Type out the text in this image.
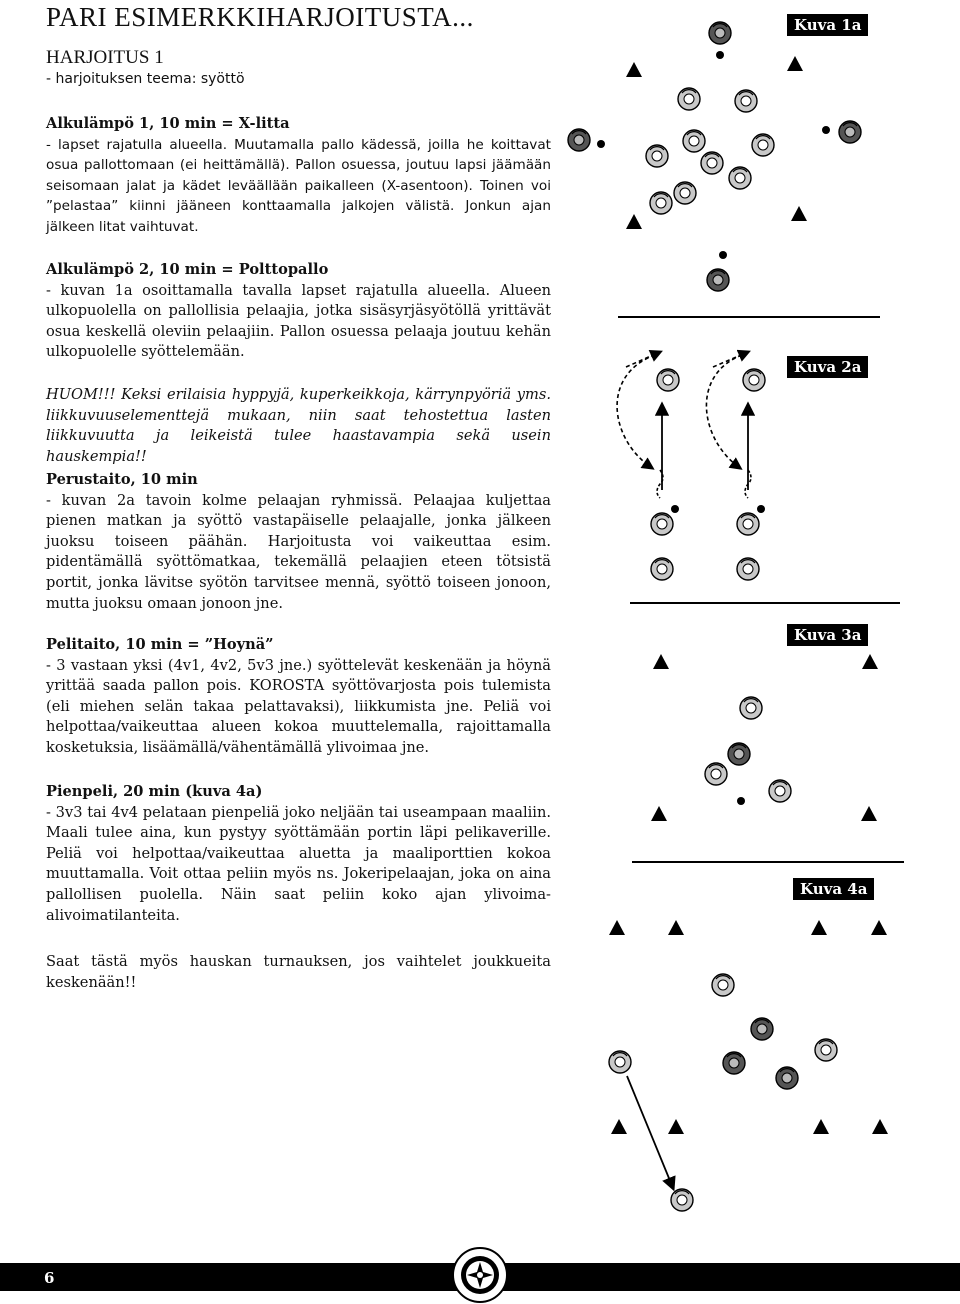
PARI ESIMERKKIHARJOITUSTA...
HARJOITUS 1
- harjoituksen teema: syöttö
Alkulämpö 1, 10 min = X-litta

- lapset rajatulla alueella. Muutamalla pallo kädessä, joilla he koittavat osua pallottomaan (ei heittämällä). Pallon osuessa, joutuu lapsi jäämään seisomaan jalat ja kädet leväällään paikalleen (X-asentoon). Toinen voi ”pelastaa” kiinni jääneen konttaamalla jalkojen välistä. Jonkun ajan jälkeen litat vaihtuvat.

Alkulämpö 2, 10 min = Polttopallo

- kuvan 1a osoittamalla tavalla lapset rajatulla alueella. Alueen ulkopuolella on pallollisia pelaajia, jotka sisäsyrjäsyötöllä yrittävät osua keskellä oleviin pelaajiin. Pallon osuessa pelaaja joutuu kehän ulkopuolelle syöttelemään.

HUOM!!! Keksi erilaisia hyppyjä, kuperkeikkoja, kärrynpyöriä yms. liikkuvuuselementtejä mukaan, niin saat tehostettua lasten liikkuvuutta ja leikeistä tulee haastavampia sekä usein hauskempia!!

Perustaito, 10 min

- kuvan 2a tavoin kolme pelaajan ryhmissä. Pelaajaa kuljettaa pienen matkan ja syöttö vastapäiselle pelaajalle, jonka jälkeen juoksu toiseen päähän. Harjoitusta voi vaikeuttaa esim. pidentämällä syöttömatkaa, tekemällä pelaajien eteen tötsistä portit, jonka lävitse syötön tarvitsee mennä, syöttö toiseen jonoon, mutta juoksu omaan jonoon jne.

Pelitaito, 10 min = ”Hoynä”

- 3 vastaan yksi (4v1, 4v2, 5v3 jne.) syöttelevät keskenään ja höynä yrittää saada pallon pois. KOROSTA syöttövarjosta pois tulemista (eli miehen selän takaa pelattavaksi), liikkumista jne. Peliä voi helpottaa/vaikeuttaa alueen kokoa muuttelemalla, rajoittamalla kosketuksia, lisäämällä/vähentämällä ylivoimaa jne.

Pienpeli, 20 min (kuva 4a)

- 3v3 tai 4v4 pelataan pienpeliä joko neljään tai useampaan maaliin. Maali tulee aina, kun pystyy syöttämään portin läpi pelikaverille. Peliä voi helpottaa/vaikeuttaa aluetta ja maaliporttien kokoa muuttamalla. Voit ottaa peliin myös ns. Jokeripelaajan, joka on aina pallollisen puolella. Näin saat peliin koko ajan ylivoima-alivoimatilanteita.

Saat tästä myös hauskan turnauksen, jos vaihtelet joukkueita keskenään!!

Kuva 1a
Kuva 2a
Kuva 3a
Kuva 4a
6
